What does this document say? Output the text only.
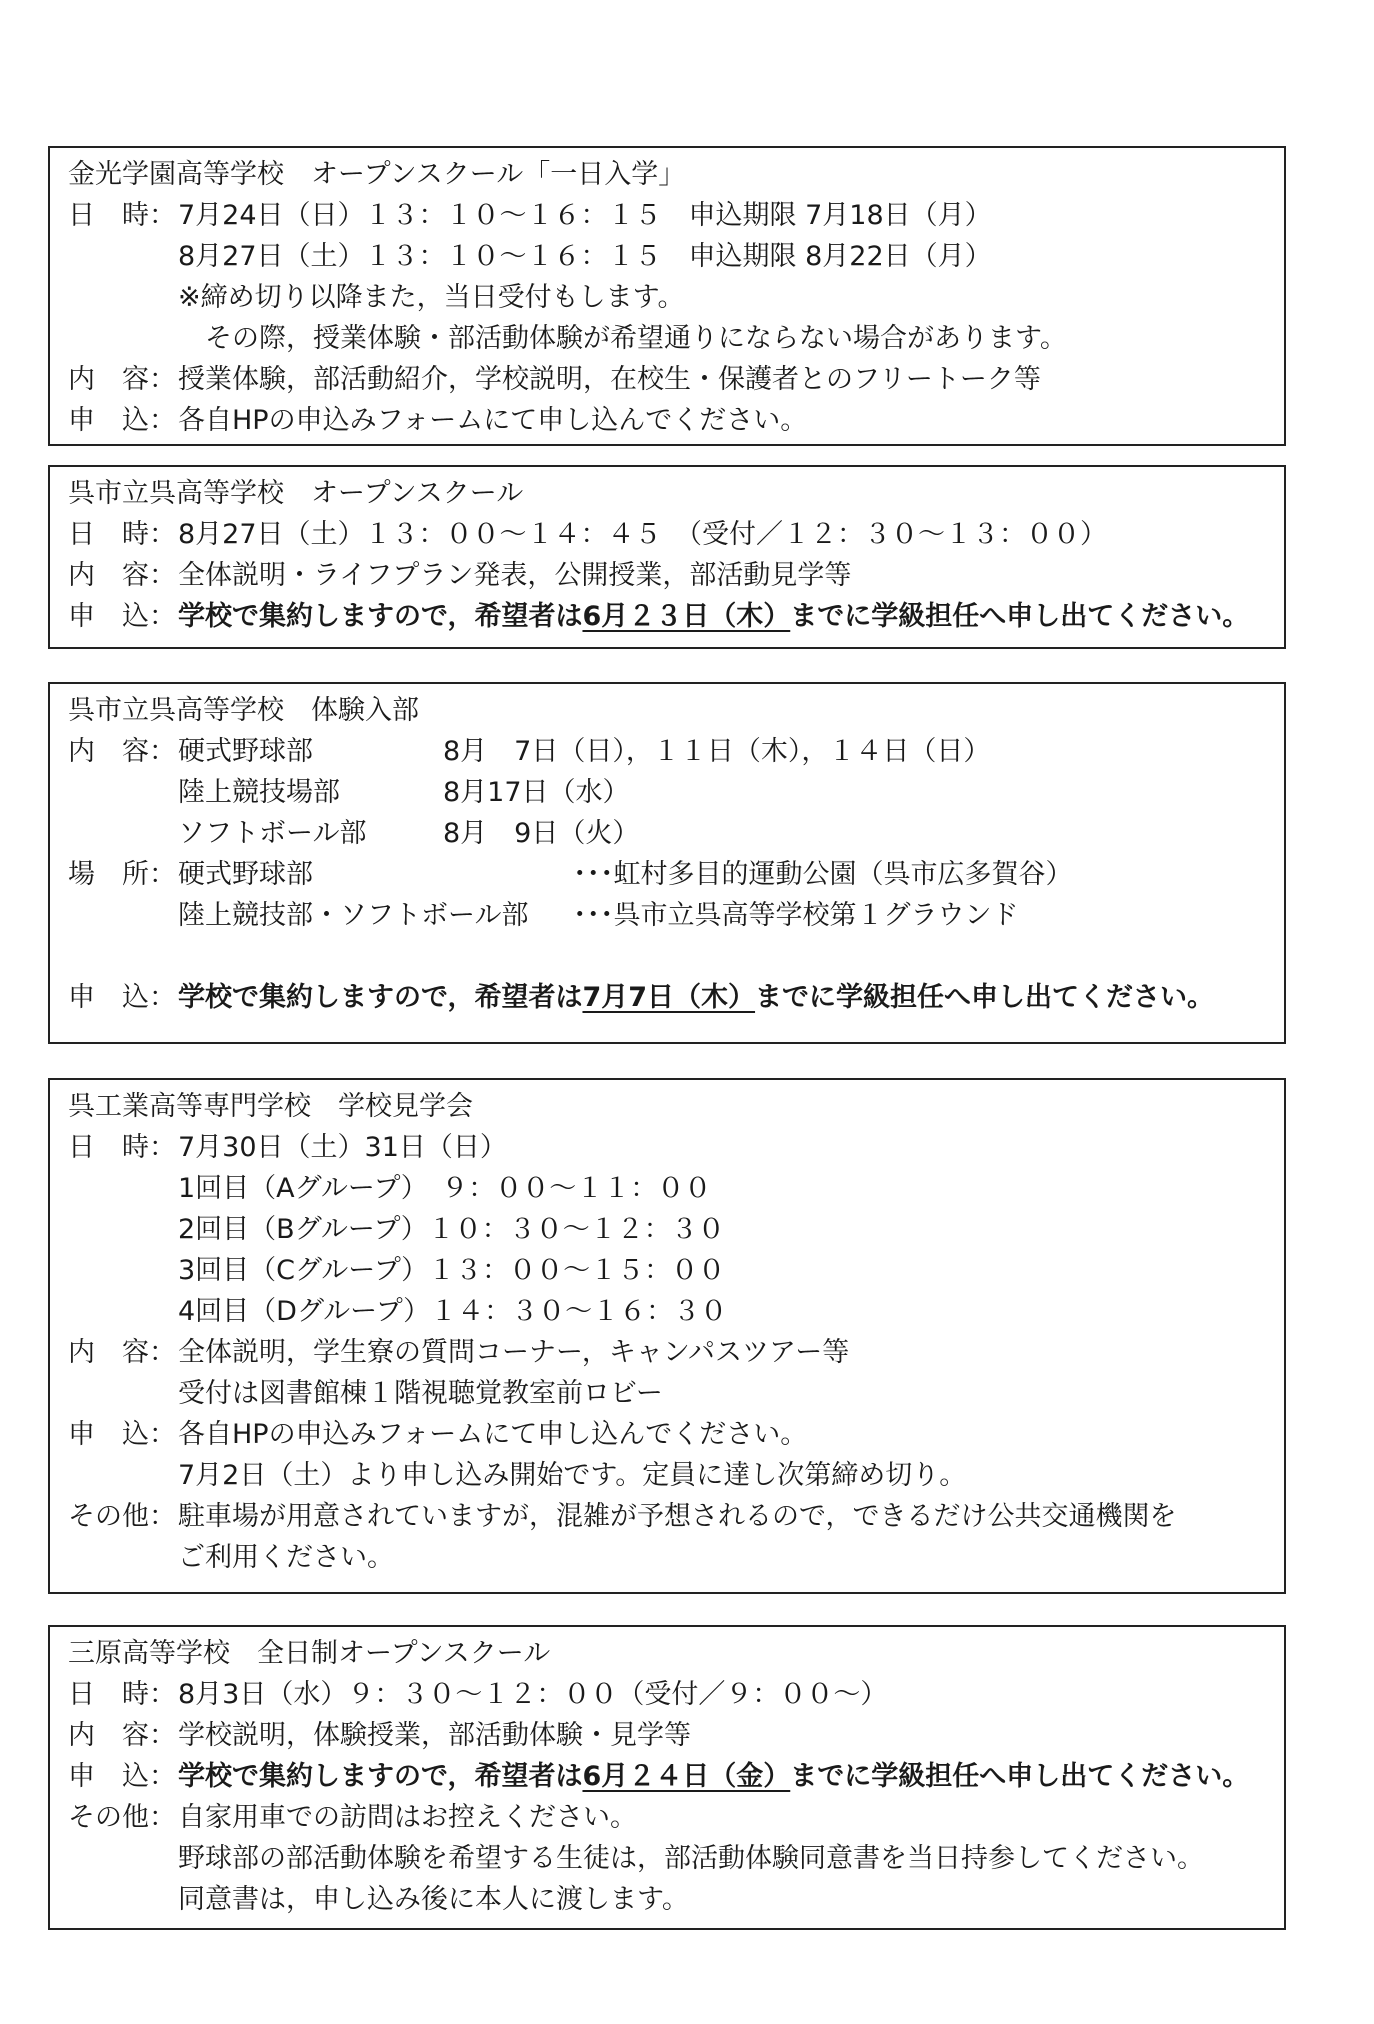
金光学園高等学校　オープンスクール「一日入学」
日　時： 7月24日（日）１３：１０～１６：１５　申込期限 7月18日（月）
8月27日（土）１３：１０～１６：１５　申込期限 8月22日（月）
※締め切り以降また，当日受付もします。
　その際，授業体験・部活動体験が希望通りにならない場合があります。
内　容： 授業体験，部活動紹介，学校説明，在校生・保護者とのフリートーク等
申　込： 各自HPの申込みフォームにて申し込んでください。
呉市立呉高等学校　オープンスクール
日　時： 8月27日（土）１３：００～１４：４５　（受付／１２：３０～１３：００）
内　容： 全体説明・ライフプラン発表，公開授業，部活動見学等
申　込： 学校で集約しますので，希望者は6月２３日（木）までに学級担任へ申し出てください。
呉市立呉高等学校　体験入部
内　容： 硬式野球部	8月　7日（日），１１日（木），１４日（日）
陸上競技場部	8月17日（水）
ソフトボール部	8月　9日（火）
場　所： 硬式野球部	･･･虹村多目的運動公園（呉市広多賀谷）
陸上競技部・ソフトボール部 ･･･呉市立呉高等学校第１グラウンド
申　込： 学校で集約しますので，希望者は7月7日（木）までに学級担任へ申し出てください。
呉工業高等専門学校　学校見学会
日　時： 7月30日（土）31日（日）
1回目（Aグループ）　９：００～１１：００
2回目（Bグループ）１０：３０～１２：３０
3回目（Cグループ）１３：００～１５：００
4回目（Dグループ）１４：３０～１６：３０
内　容： 全体説明，学生寮の質問コーナー，キャンパスツアー等
受付は図書館棟１階視聴覚教室前ロビー
申　込： 各自HPの申込みフォームにて申し込んでください。
7月2日（土）より申し込み開始です。定員に達し次第締め切り。
その他： 駐車場が用意されていますが，混雑が予想されるので，できるだけ公共交通機関を
ご利用ください。
三原高等学校　全日制オープンスクール
日　時： 8月3日（水）９：３０～１２：００（受付／９：００～）
内　容： 学校説明，体験授業，部活動体験・見学等
申　込： 学校で集約しますので，希望者は6月２４日（金）までに学級担任へ申し出てください。
その他： 自家用車での訪問はお控えください。
野球部の部活動体験を希望する生徒は，部活動体験同意書を当日持参してください。
同意書は，申し込み後に本人に渡します。
